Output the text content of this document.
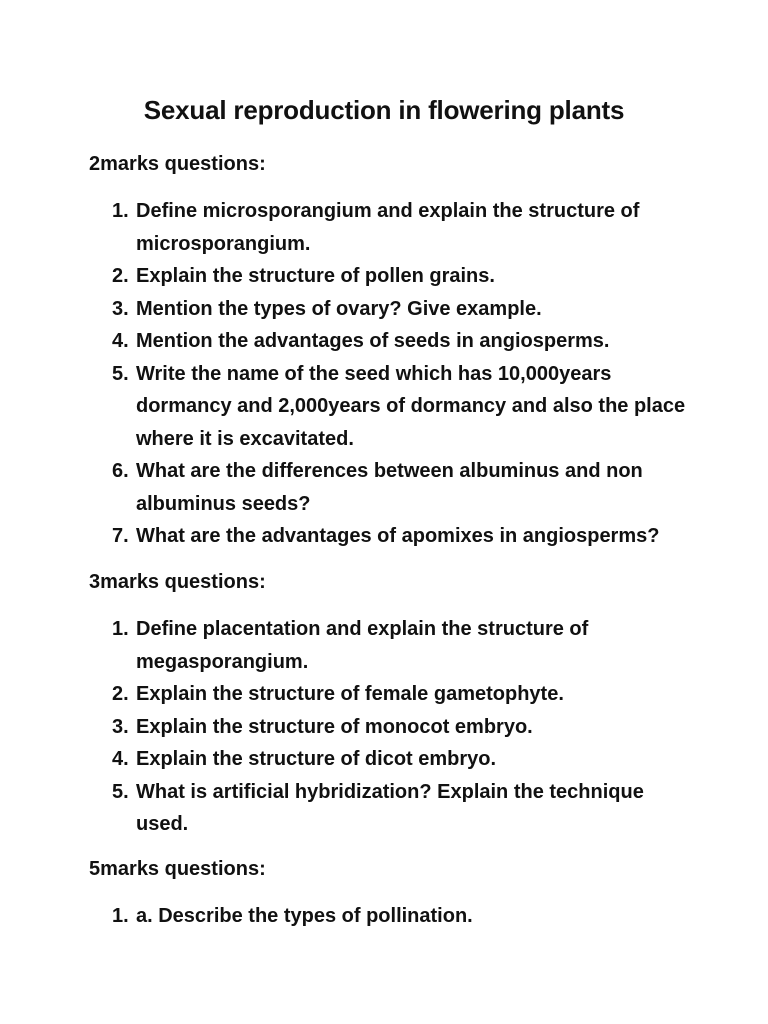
Sexual reproduction in flowering plants
2marks questions:
1. Define microsporangium and explain the structure of microsporangium.
2. Explain the structure of pollen grains.
3. Mention the types of ovary? Give example.
4. Mention the advantages of seeds in angiosperms.
5. Write the name of the seed which has 10,000years dormancy and 2,000years of dormancy and also the place where it is excavitated.
6. What are the differences between albuminus and non albuminus seeds?
7. What are the advantages of apomixes in angiosperms?
3marks questions:
1. Define placentation and explain the structure of megasporangium.
2. Explain the structure of female gametophyte.
3. Explain the structure of monocot embryo.
4. Explain the structure of dicot embryo.
5. What is artificial hybridization? Explain the technique used.
5marks questions:
1. a. Describe the types of pollination.
